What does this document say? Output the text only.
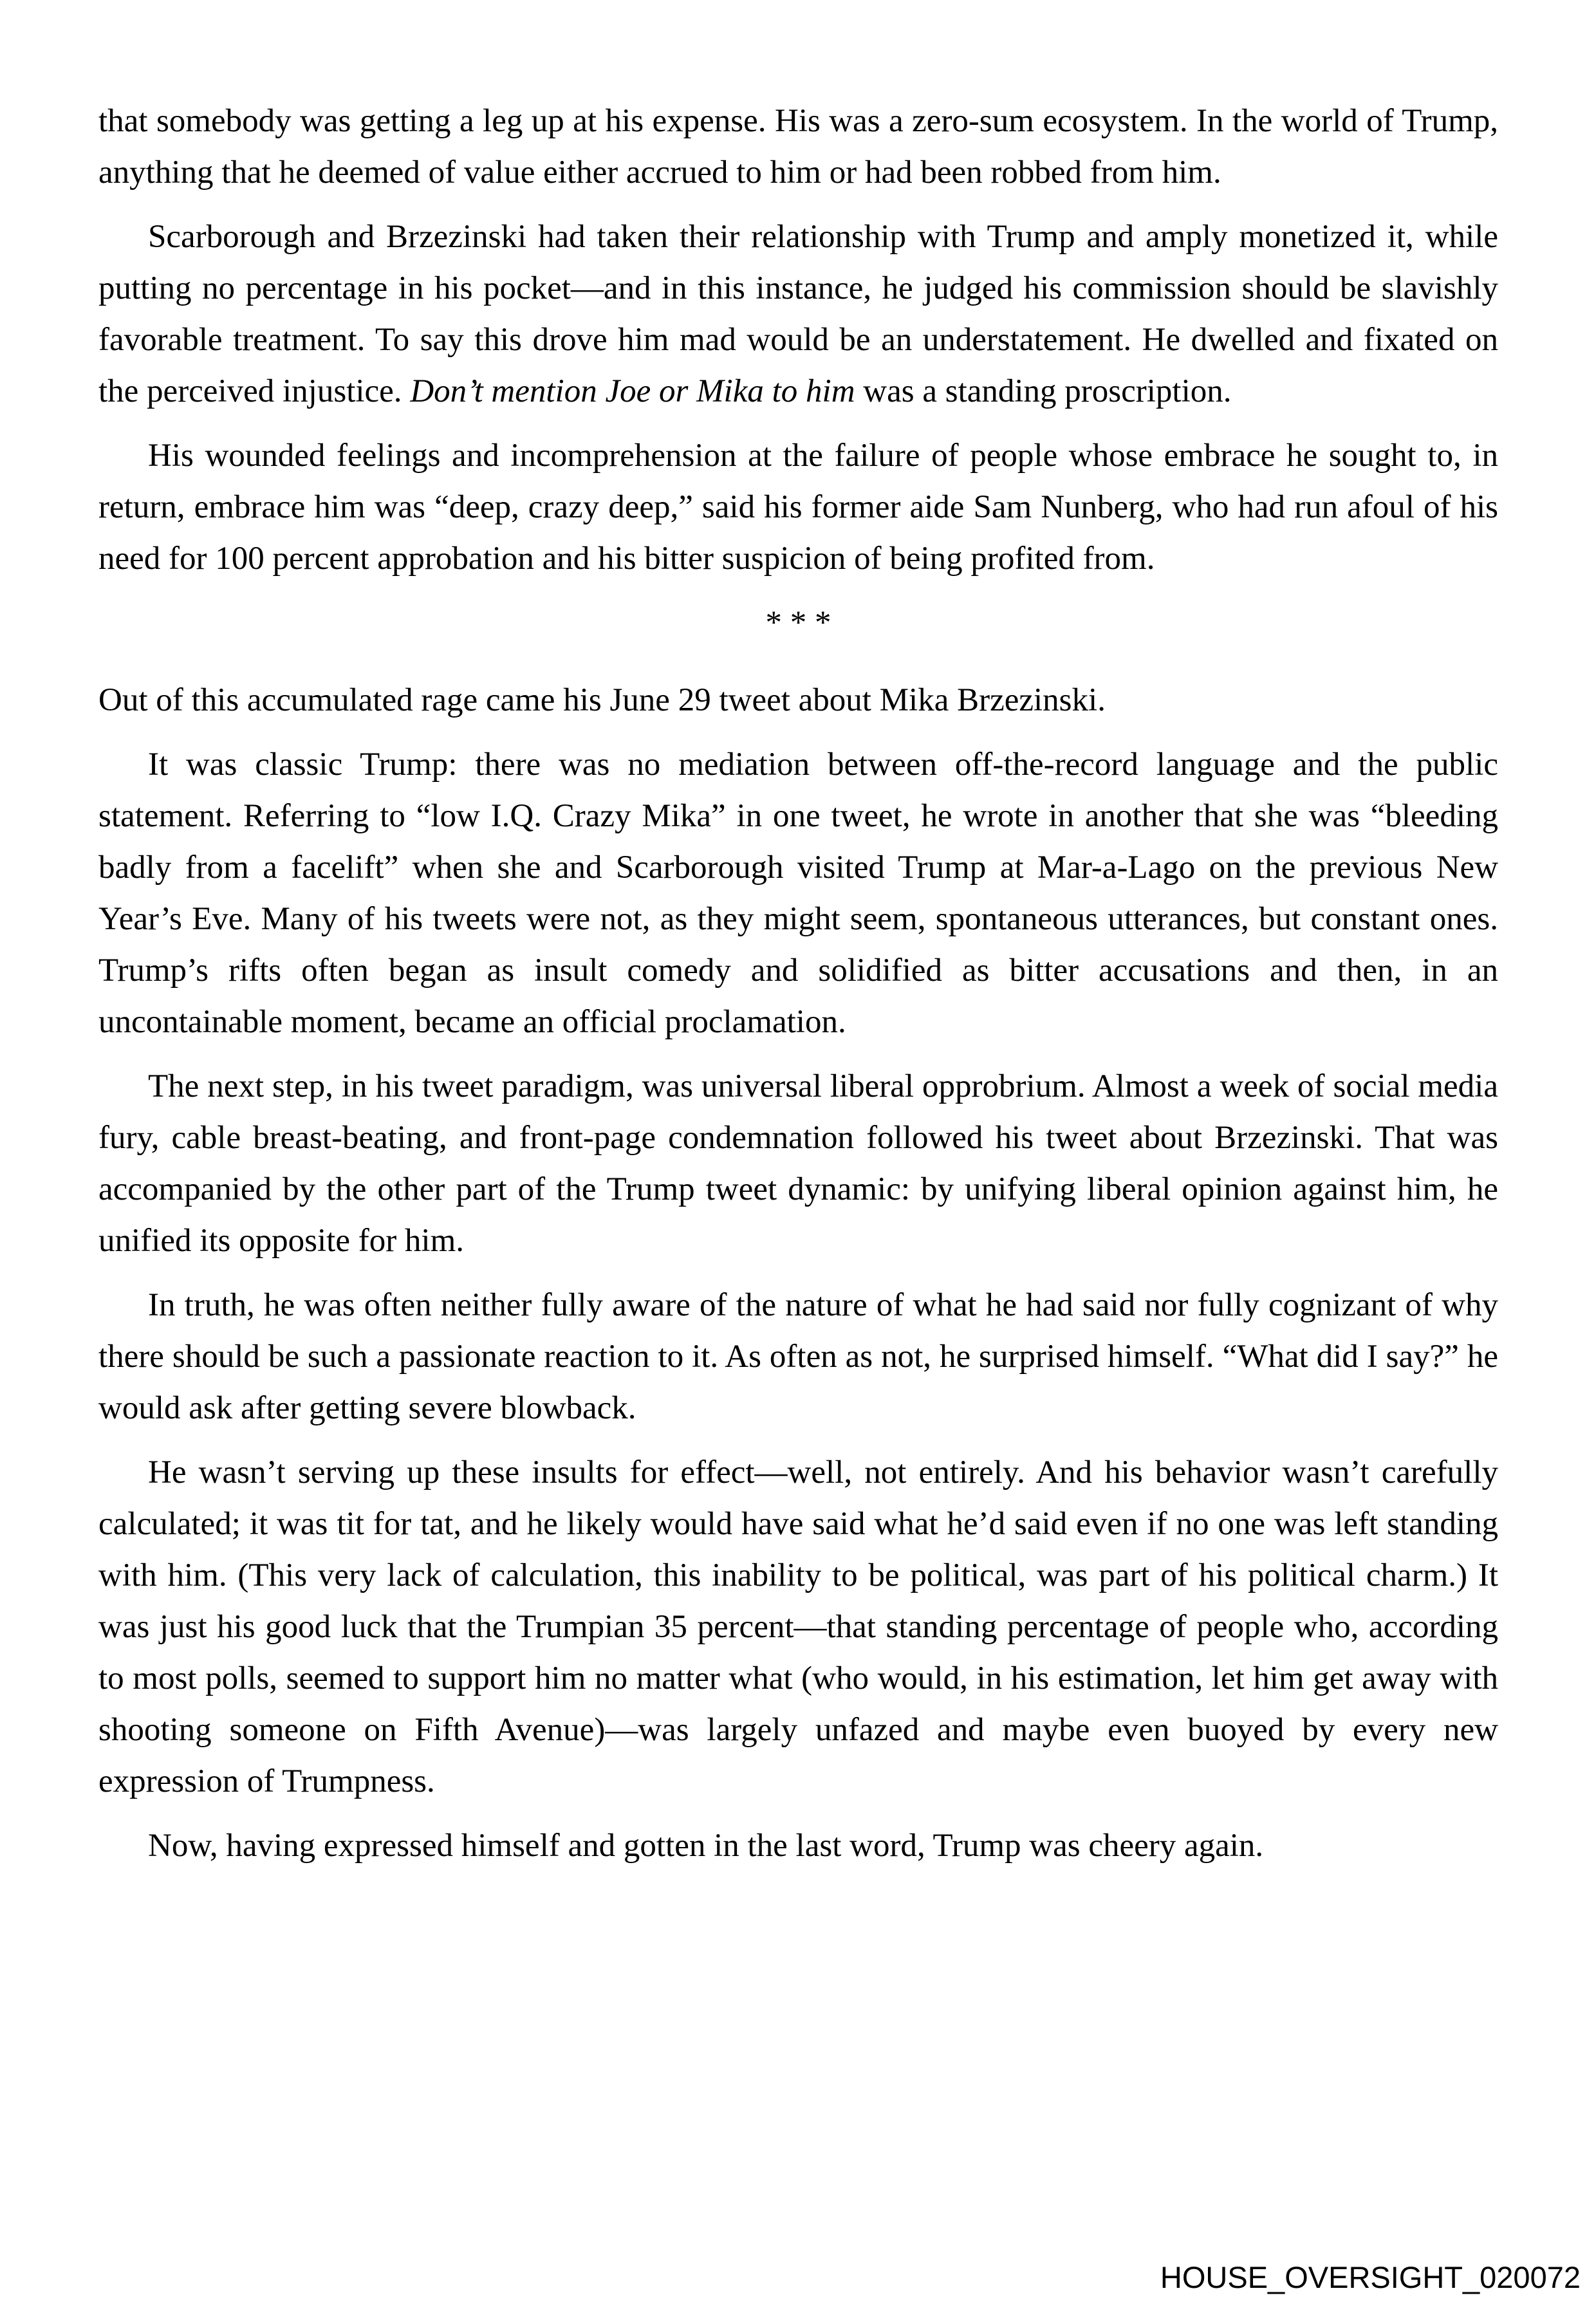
that somebody was getting a leg up at his expense. His was a zero-sum ecosystem. In the world of Trump, anything that he deemed of value either accrued to him or had been robbed from him.

Scarborough and Brzezinski had taken their relationship with Trump and amply monetized it, while putting no percentage in his pocket—and in this instance, he judged his commission should be slavishly favorable treatment. To say this drove him mad would be an understatement. He dwelled and fixated on the perceived injustice. Don’t mention Joe or Mika to him was a standing proscription.

His wounded feelings and incomprehension at the failure of people whose embrace he sought to, in return, embrace him was “deep, crazy deep,” said his former aide Sam Nunberg, who had run afoul of his need for 100 percent approbation and his bitter suspicion of being profited from.

* * *

Out of this accumulated rage came his June 29 tweet about Mika Brzezinski.

It was classic Trump: there was no mediation between off-the-record language and the public statement. Referring to “low I.Q. Crazy Mika” in one tweet, he wrote in another that she was “bleeding badly from a facelift” when she and Scarborough visited Trump at Mar-a-Lago on the previous New Year’s Eve. Many of his tweets were not, as they might seem, spontaneous utterances, but constant ones. Trump’s rifts often began as insult comedy and solidified as bitter accusations and then, in an uncontainable moment, became an official proclamation.

The next step, in his tweet paradigm, was universal liberal opprobrium. Almost a week of social media fury, cable breast-beating, and front-page condemnation followed his tweet about Brzezinski. That was accompanied by the other part of the Trump tweet dynamic: by unifying liberal opinion against him, he unified its opposite for him.

In truth, he was often neither fully aware of the nature of what he had said nor fully cognizant of why there should be such a passionate reaction to it. As often as not, he surprised himself. “What did I say?” he would ask after getting severe blowback.

He wasn’t serving up these insults for effect—well, not entirely. And his behavior wasn’t carefully calculated; it was tit for tat, and he likely would have said what he’d said even if no one was left standing with him. (This very lack of calculation, this inability to be political, was part of his political charm.) It was just his good luck that the Trumpian 35 percent—that standing percentage of people who, according to most polls, seemed to support him no matter what (who would, in his estimation, let him get away with shooting someone on Fifth Avenue)—was largely unfazed and maybe even buoyed by every new expression of Trumpness.

Now, having expressed himself and gotten in the last word, Trump was cheery again.

HOUSE_OVERSIGHT_020072
